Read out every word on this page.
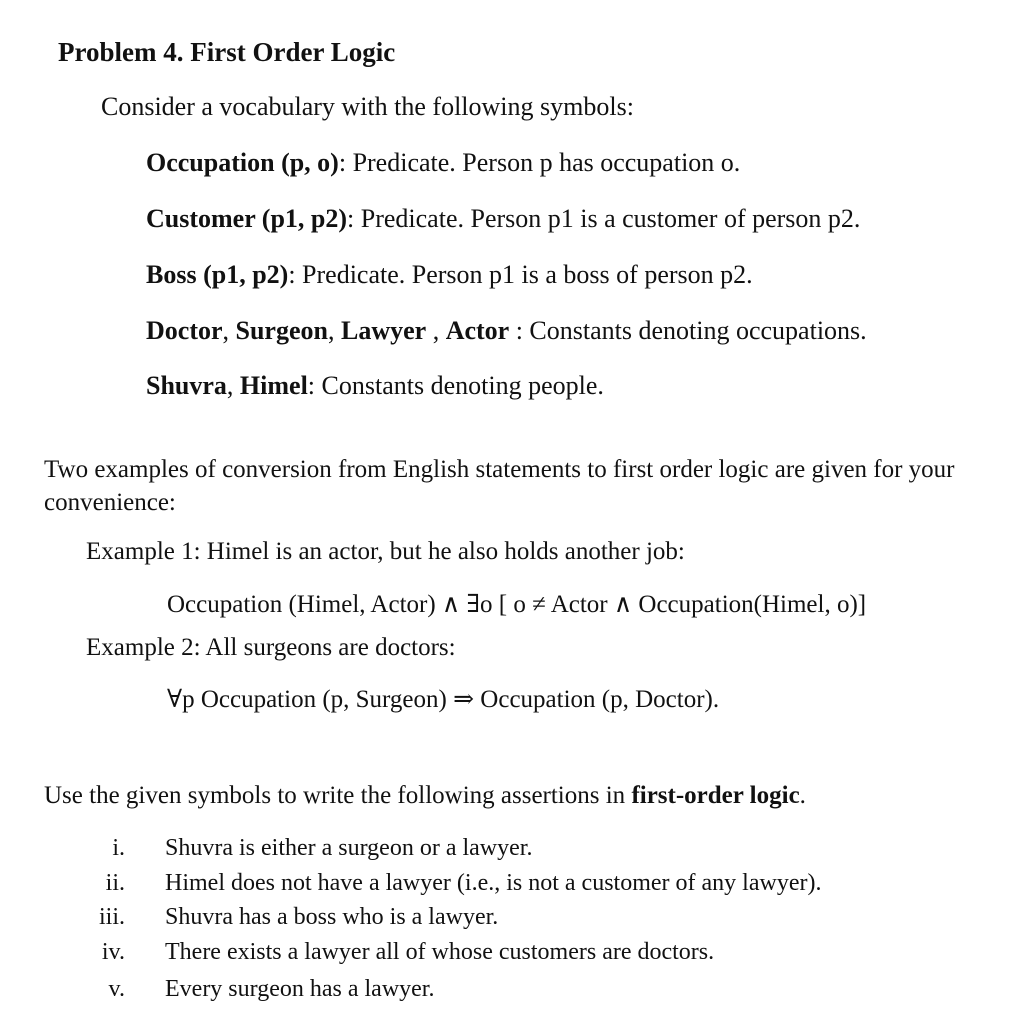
Problem 4. First Order Logic
Consider a vocabulary with the following symbols:
Occupation (p, o): Predicate. Person p has occupation o.
Customer (p1, p2): Predicate. Person p1 is a customer of person p2.
Boss (p1, p2): Predicate. Person p1 is a boss of person p2.
Doctor, Surgeon, Lawyer , Actor : Constants denoting occupations.
Shuvra, Himel: Constants denoting people.
Two examples of conversion from English statements to first order logic are given for your convenience:
Example 1: Himel is an actor, but he also holds another job:
Occupation (Himel, Actor) ∧ ∃o [ o ≠ Actor ∧ Occupation(Himel, o)]
Example 2: All surgeons are doctors:
∀p Occupation (p, Surgeon) ⇒ Occupation (p, Doctor).
Use the given symbols to write the following assertions in first-order logic.
i. Shuvra is either a surgeon or a lawyer.
ii. Himel does not have a lawyer (i.e., is not a customer of any lawyer).
iii. Shuvra has a boss who is a lawyer.
iv. There exists a lawyer all of whose customers are doctors.
v. Every surgeon has a lawyer.
